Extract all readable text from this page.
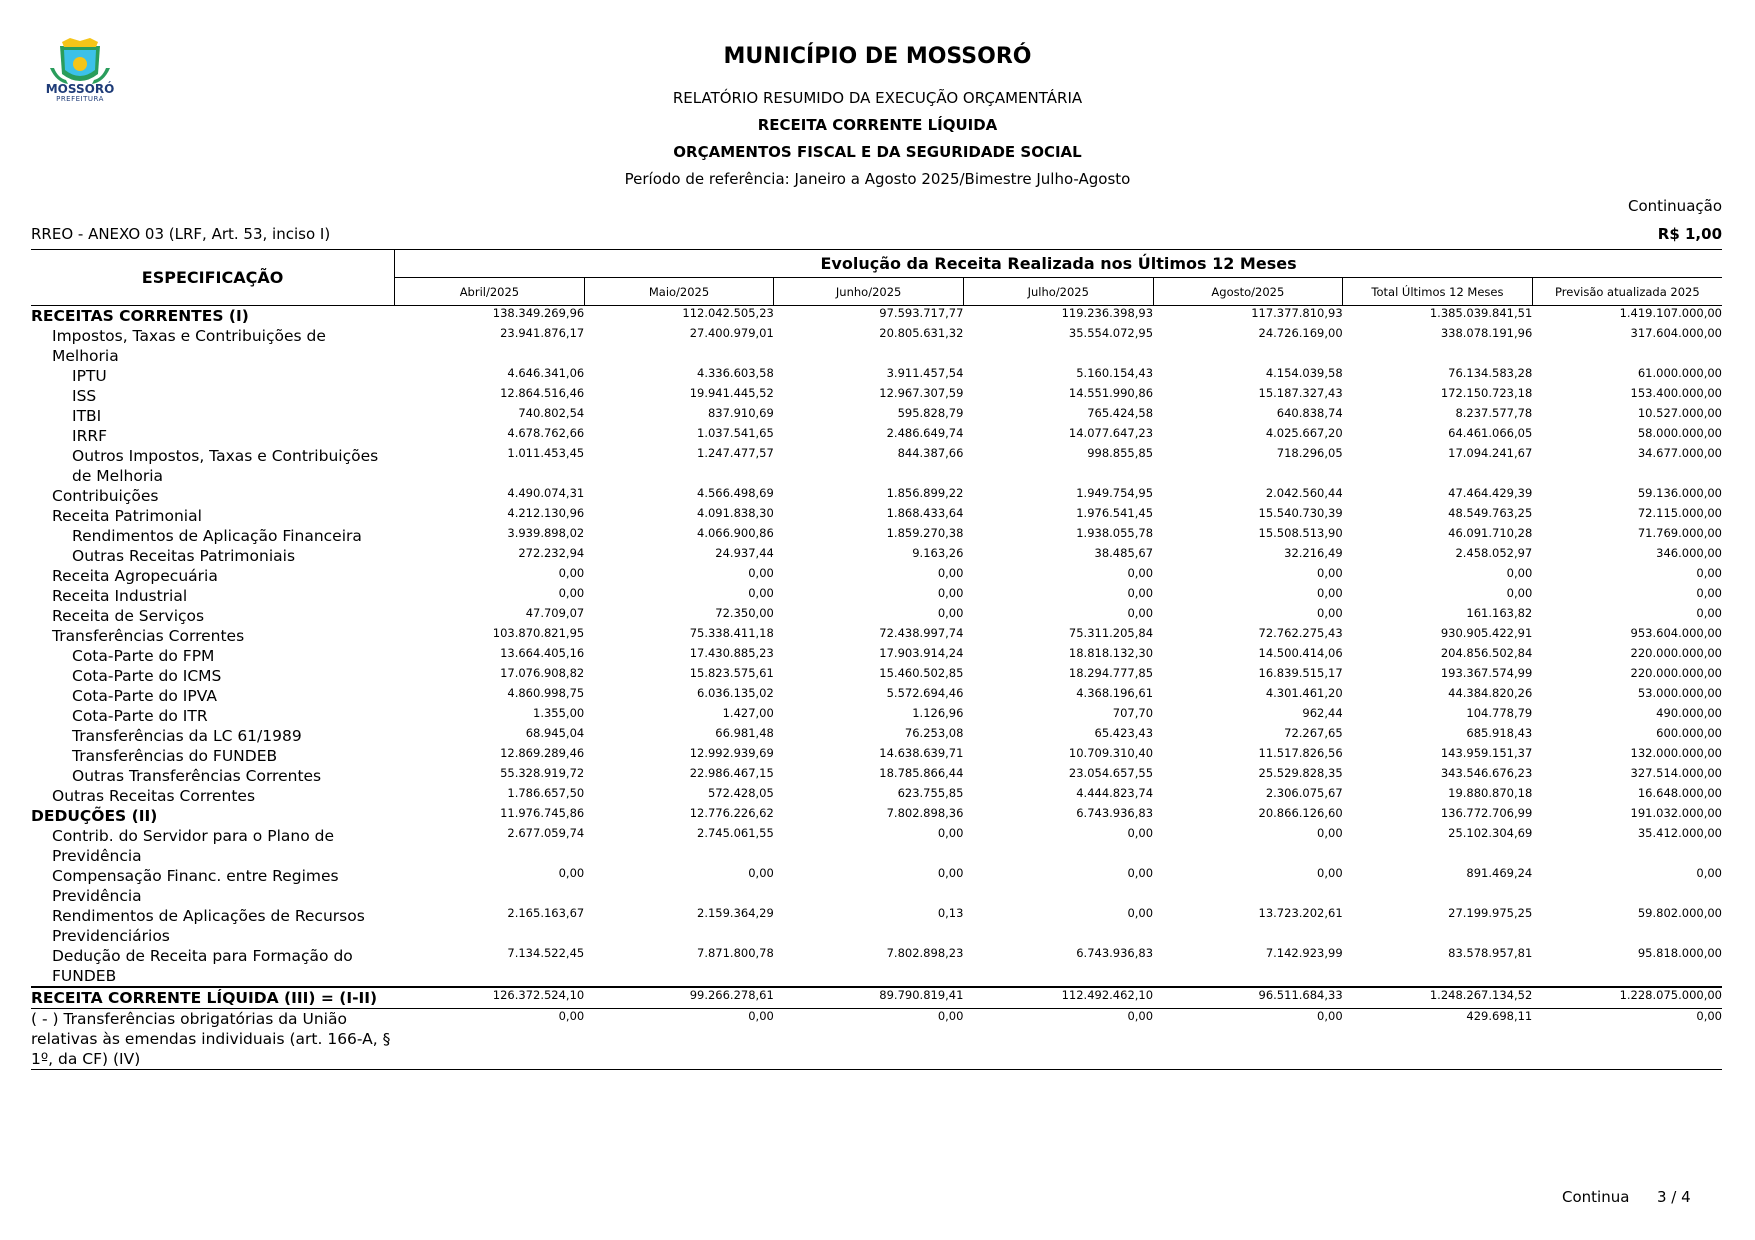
MOSSORÓ
PREFEITURA
MUNICÍPIO DE MOSSORÓ
RELATÓRIO RESUMIDO DA EXECUÇÃO ORÇAMENTÁRIA
RECEITA CORRENTE LÍQUIDA
ORÇAMENTOS FISCAL E DA SEGURIDADE SOCIAL
Período de referência: Janeiro a Agosto 2025/Bimestre Julho-Agosto
Continuação
RREO - ANEXO 03 (LRF, Art. 53, inciso I)	R$ 1,00
ESPECIFICAÇÃO	Evolução da Receita Realizada nos Últimos 12 Meses						
	Abril/2025	Maio/2025	Junho/2025	Julho/2025	Agosto/2025	Total Últimos 12 Meses	Previsão atualizada 2025
RECEITAS CORRENTES (I)	138.349.269,96	112.042.505,23	97.593.717,77	119.236.398,93	117.377.810,93	1.385.039.841,51	1.419.107.000,00
Impostos, Taxas e Contribuições de Melhoria	23.941.876,17	27.400.979,01	20.805.631,32	35.554.072,95	24.726.169,00	338.078.191,96	317.604.000,00
IPTU	4.646.341,06	4.336.603,58	3.911.457,54	5.160.154,43	4.154.039,58	76.134.583,28	61.000.000,00
ISS	12.864.516,46	19.941.445,52	12.967.307,59	14.551.990,86	15.187.327,43	172.150.723,18	153.400.000,00
ITBI	740.802,54	837.910,69	595.828,79	765.424,58	640.838,74	8.237.577,78	10.527.000,00
IRRF	4.678.762,66	1.037.541,65	2.486.649,74	14.077.647,23	4.025.667,20	64.461.066,05	58.000.000,00
Outros Impostos, Taxas e Contribuições de Melhoria	1.011.453,45	1.247.477,57	844.387,66	998.855,85	718.296,05	17.094.241,67	34.677.000,00
Contribuições	4.490.074,31	4.566.498,69	1.856.899,22	1.949.754,95	2.042.560,44	47.464.429,39	59.136.000,00
Receita Patrimonial	4.212.130,96	4.091.838,30	1.868.433,64	1.976.541,45	15.540.730,39	48.549.763,25	72.115.000,00
Rendimentos de Aplicação Financeira	3.939.898,02	4.066.900,86	1.859.270,38	1.938.055,78	15.508.513,90	46.091.710,28	71.769.000,00
Outras Receitas Patrimoniais	272.232,94	24.937,44	9.163,26	38.485,67	32.216,49	2.458.052,97	346.000,00
Receita Agropecuária	0,00	0,00	0,00	0,00	0,00	0,00	0,00
Receita Industrial	0,00	0,00	0,00	0,00	0,00	0,00	0,00
Receita de Serviços	47.709,07	72.350,00	0,00	0,00	0,00	161.163,82	0,00
Transferências Correntes	103.870.821,95	75.338.411,18	72.438.997,74	75.311.205,84	72.762.275,43	930.905.422,91	953.604.000,00
Cota-Parte do FPM	13.664.405,16	17.430.885,23	17.903.914,24	18.818.132,30	14.500.414,06	204.856.502,84	220.000.000,00
Cota-Parte do ICMS	17.076.908,82	15.823.575,61	15.460.502,85	18.294.777,85	16.839.515,17	193.367.574,99	220.000.000,00
Cota-Parte do IPVA	4.860.998,75	6.036.135,02	5.572.694,46	4.368.196,61	4.301.461,20	44.384.820,26	53.000.000,00
Cota-Parte do ITR	1.355,00	1.427,00	1.126,96	707,70	962,44	104.778,79	490.000,00
Transferências da LC 61/1989	68.945,04	66.981,48	76.253,08	65.423,43	72.267,65	685.918,43	600.000,00
Transferências do FUNDEB	12.869.289,46	12.992.939,69	14.638.639,71	10.709.310,40	11.517.826,56	143.959.151,37	132.000.000,00
Outras Transferências Correntes	55.328.919,72	22.986.467,15	18.785.866,44	23.054.657,55	25.529.828,35	343.546.676,23	327.514.000,00
Outras Receitas Correntes	1.786.657,50	572.428,05	623.755,85	4.444.823,74	2.306.075,67	19.880.870,18	16.648.000,00
DEDUÇÕES (II)	11.976.745,86	12.776.226,62	7.802.898,36	6.743.936,83	20.866.126,60	136.772.706,99	191.032.000,00
Contrib. do Servidor para o Plano de Previdência	2.677.059,74	2.745.061,55	0,00	0,00	0,00	25.102.304,69	35.412.000,00
Compensação Financ. entre Regimes Previdência	0,00	0,00	0,00	0,00	0,00	891.469,24	0,00
Rendimentos de Aplicações de Recursos Previdenciários	2.165.163,67	2.159.364,29	0,13	0,00	13.723.202,61	27.199.975,25	59.802.000,00
Dedução de Receita para Formação do FUNDEB	7.134.522,45	7.871.800,78	7.802.898,23	6.743.936,83	7.142.923,99	83.578.957,81	95.818.000,00
RECEITA CORRENTE LÍQUIDA (III) = (I-II)	126.372.524,10	99.266.278,61	89.790.819,41	112.492.462,10	96.511.684,33	1.248.267.134,52	1.228.075.000,00
( - ) Transferências obrigatórias da União relativas às emendas individuais (art. 166-A, § 1º, da CF) (IV)	0,00	0,00	0,00	0,00	0,00	429.698,11	0,00
Continua 3 / 4
